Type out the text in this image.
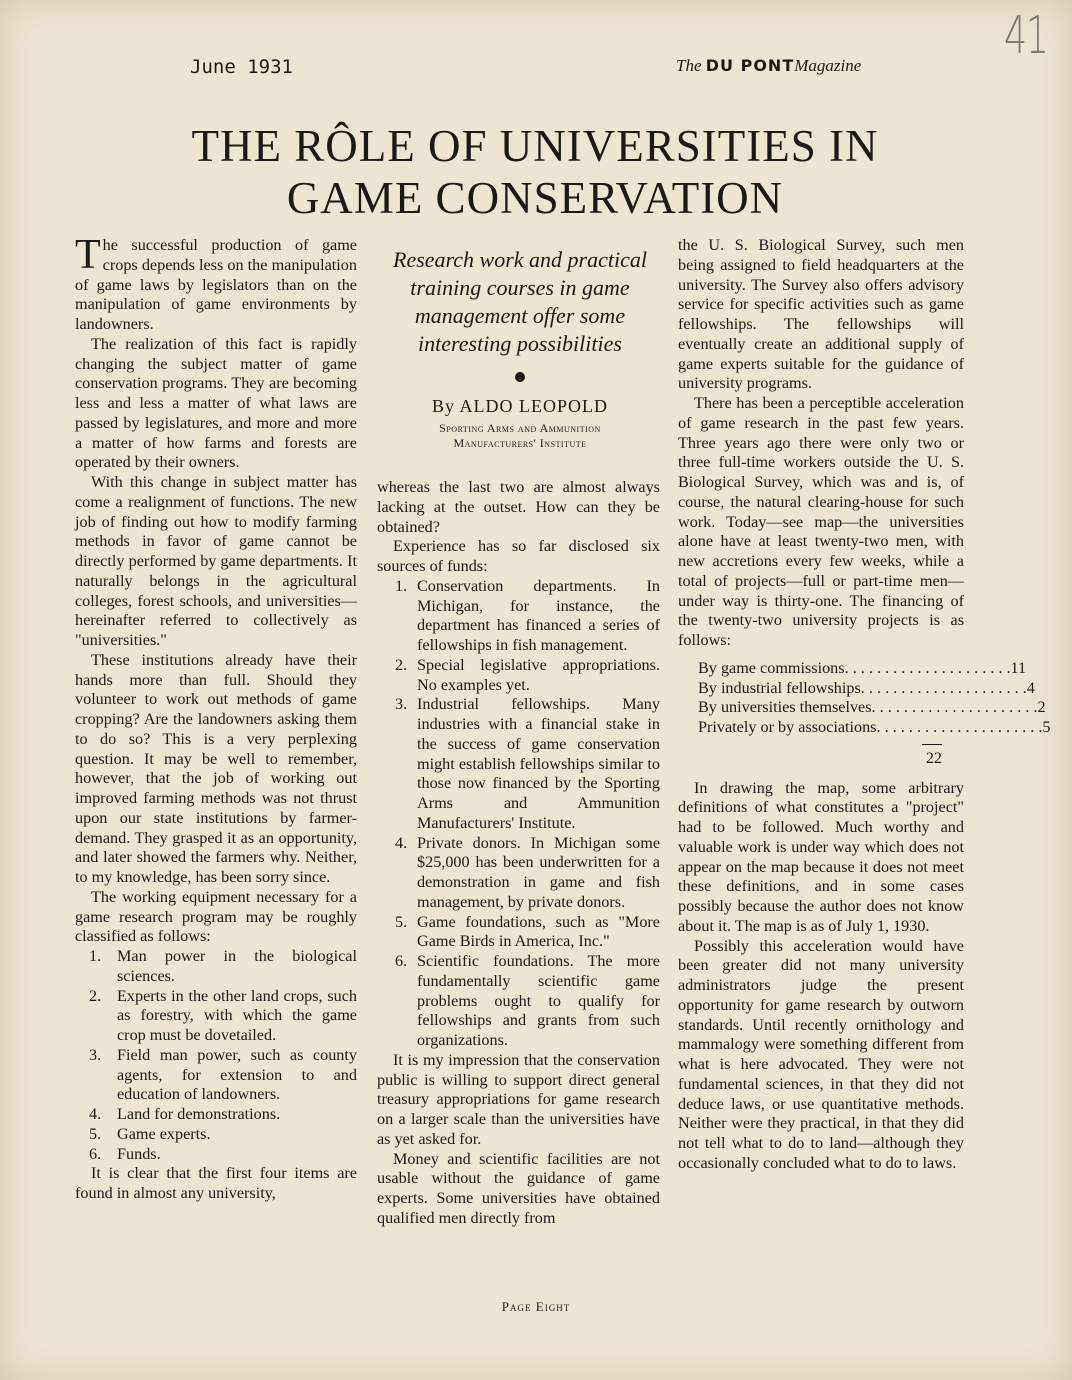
41
June 1931	The DU PONTMagazine
THE RÔLE OF UNIVERSITIES IN
GAME CONSERVATION

The successful production of game crops depends less on the manipulation of game laws by legislators than on the manipulation of game environments by landowners.

The realization of this fact is rapidly changing the subject matter of game conservation programs. They are becoming less and less a matter of what laws are passed by legislatures, and more and more a matter of how farms and forests are operated by their owners.

With this change in subject matter has come a realignment of functions. The new job of finding out how to modify farming methods in favor of game cannot be directly performed by game departments. It naturally belongs in the agricultural colleges, forest schools, and universities—hereinafter referred to collectively as "universities."

These institutions already have their hands more than full. Should they volunteer to work out methods of game cropping? Are the landowners asking them to do so? This is a very perplexing question. It may be well to remember, however, that the job of working out improved farming methods was not thrust upon our state institutions by farmer-demand. They grasped it as an opportunity, and later showed the farmers why. Neither, to my knowledge, has been sorry since.

The working equipment necessary for a game research program may be roughly classified as follows:

1. Man power in the biological sciences.
2. Experts in the other land crops, such as forestry, with which the game crop must be dovetailed.
3. Field man power, such as county agents, for extension to and education of landowners.
4. Land for demonstrations.
5. Game experts.
6. Funds.

It is clear that the first four items are found in almost any university,

Research work and practical training courses in game management offer some interesting possibilities
By ALDO LEOPOLD
Sporting Arms and Ammunition
Manufacturers' Institute

whereas the last two are almost always lacking at the outset. How can they be obtained?

Experience has so far disclosed six sources of funds:

1. Conservation departments. In Michigan, for instance, the department has financed a series of fellowships in fish management.
2. Special legislative appropriations. No examples yet.
3. Industrial fellowships. Many industries with a financial stake in the success of game conservation might establish fellowships similar to those now financed by the Sporting Arms and Ammunition Manufacturers' Institute.
4. Private donors. In Michigan some $25,000 has been underwritten for a demonstration in game and fish management, by private donors.
5. Game foundations, such as "More Game Birds in America, Inc."
6. Scientific foundations. The more fundamentally scientific game problems ought to qualify for fellowships and grants from such organizations.

It is my impression that the conservation public is willing to support direct general treasury appropriations for game research on a larger scale than the universities have as yet asked for.

Money and scientific facilities are not usable without the guidance of game experts. Some universities have obtained qualified men directly from

the U. S. Biological Survey, such men being assigned to field headquarters at the university. The Survey also offers advisory service for specific activities such as game fellowships. The fellowships will eventually create an additional supply of game experts suitable for the guidance of university programs.

There has been a perceptible acceleration of game research in the past few years. Three years ago there were only two or three full-time workers outside the U. S. Biological Survey, which was and is, of course, the natural clearing-house for such work. Today—see map—the universities alone have at least twenty-two men, with new accretions every few weeks, while a total of projects—full or part-time men—under way is thirty-one. The financing of the twenty-two university projects is as follows:

By game commissions . . . . . . . . . . . . . . . . . . . . . 11
By industrial fellowships . . . . . . . . . . . . . . . . . . . . . 4
By universities themselves . . . . . . . . . . . . . . . . . . . . . 2
Privately or by associations . . . . . . . . . . . . . . . . . . . . . 5
22

In drawing the map, some arbitrary definitions of what constitutes a "project" had to be followed. Much worthy and valuable work is under way which does not appear on the map because it does not meet these definitions, and in some cases possibly because the author does not know about it. The map is as of July 1, 1930.

Possibly this acceleration would have been greater did not many university administrators judge the present opportunity for game research by outworn standards. Until recently ornithology and mammalogy were something different from what is here advocated. They were not fundamental sciences, in that they did not deduce laws, or use quantitative methods. Neither were they practical, in that they did not tell what to do to land—although they occasionally concluded what to do to laws.

Page Eight
